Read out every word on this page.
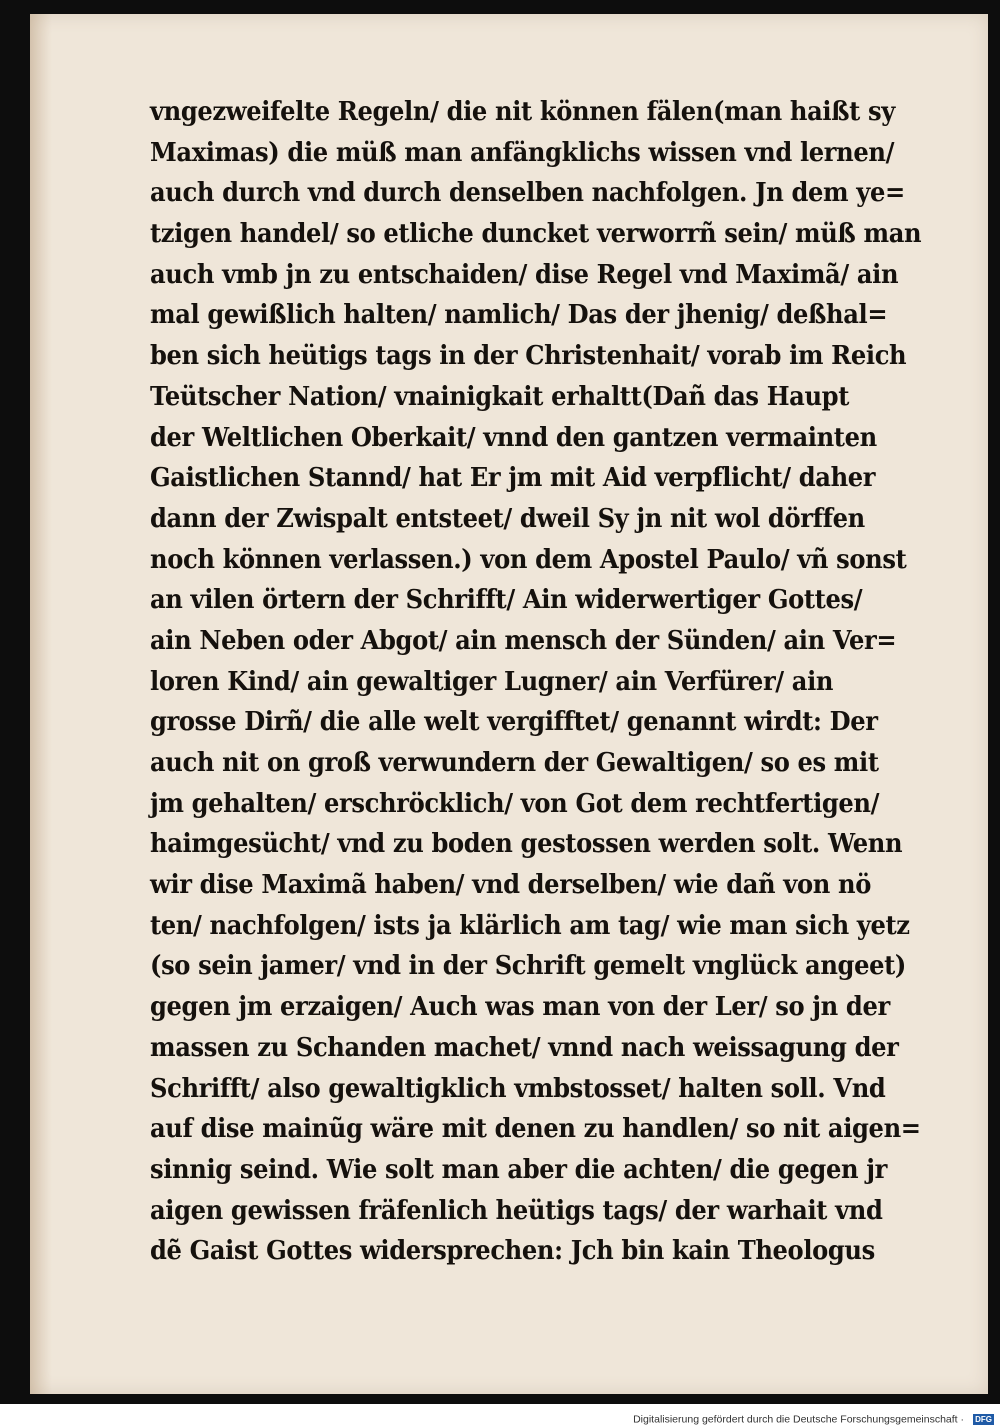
vngezweifelte Regeln/ die nit können fälen(man haißt sy
Maximas) die müß man anfängklichs wissen vnd lernen/
auch durch vnd durch denselben nachfolgen. Jn dem ye=
tzigen handel/ so etliche duncket verworrñ sein/ müß man
auch vmb jn zu entschaiden/ dise Regel vnd Maximã/ ain
mal gewißlich halten/ namlich/ Das der jhenig/ deßhal=
ben sich heütigs tags in der Christenhait/ vorab im Reich
Teütscher Nation/ vnainigkait erhaltt(Dañ das Haupt
der Weltlichen Oberkait/ vnnd den gantzen vermainten
Gaistlichen Stannd/ hat Er jm mit Aid verpflicht/ daher
dann der Zwispalt entsteet/ dweil Sy jn nit wol dörffen
noch können verlassen.) von dem Apostel Paulo/ vñ sonst
an vilen örtern der Schrifft/ Ain widerwertiger Gottes/
ain Neben oder Abgot/ ain mensch der Sünden/ ain Ver=
loren Kind/ ain gewaltiger Lugner/ ain Verfürer/ ain
grosse Dirñ/ die alle welt vergifftet/ genannt wirdt: Der
auch nit on groß verwundern der Gewaltigen/ so es mit
jm gehalten/ erschröcklich/ von Got dem rechtfertigen/
haimgesücht/ vnd zu boden gestossen werden solt. Wenn
wir dise Maximã haben/ vnd derselben/ wie dañ von nö
ten/ nachfolgen/ ists ja klärlich am tag/ wie man sich yetz
(so sein jamer/ vnd in der Schrift gemelt vnglück angeet)
gegen jm erzaigen/ Auch was man von der Ler/ so jn der
massen zu Schanden machet/ vnnd nach weissagung der
Schrifft/ also gewaltigklich vmbstosset/ halten soll. Vnd
auf dise mainũg wäre mit denen zu handlen/ so nit aigen=
sinnig seind. Wie solt man aber die achten/ die gegen jr
aigen gewissen fräfenlich heütigs tags/ der warhait vnd
dẽ Gaist Gottes widersprechen: Jch bin kain Theologus
Digitalisierung gefördert durch die Deutsche Forschungsgemeinschaft · DFG
